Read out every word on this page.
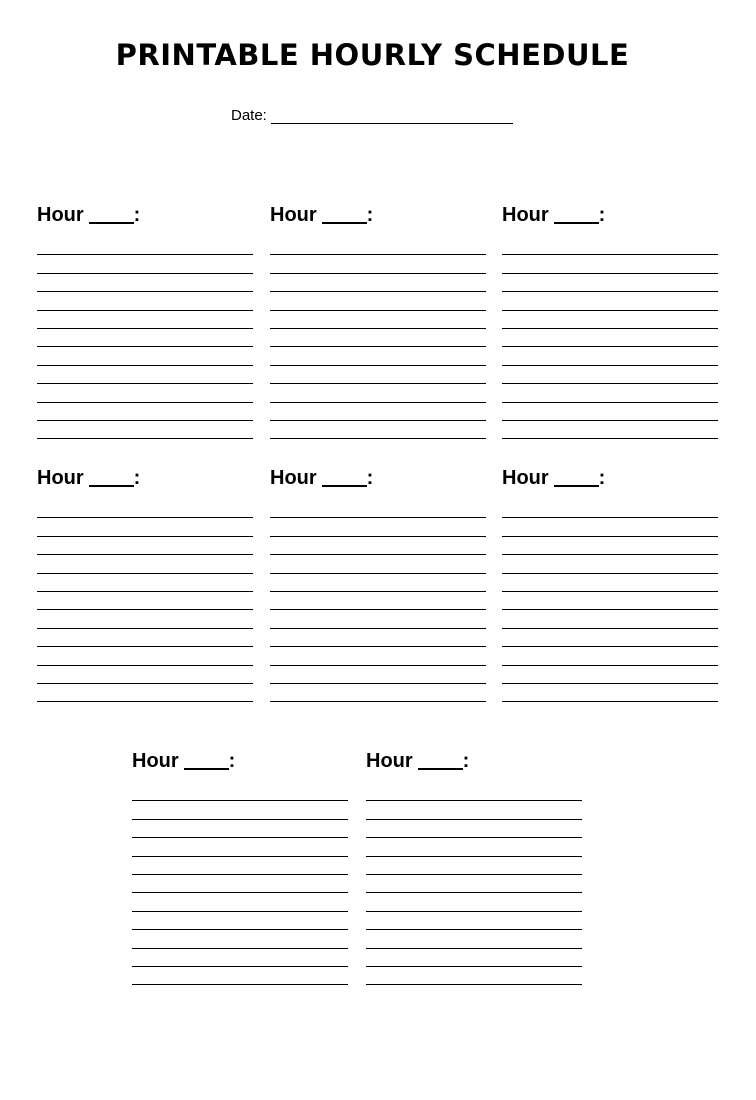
PRINTABLE HOURLY SCHEDULE
Date:
Hour	:	Hour	:	Hour	:
Hour	:	Hour	:	Hour	:
Hour	:	Hour	:
